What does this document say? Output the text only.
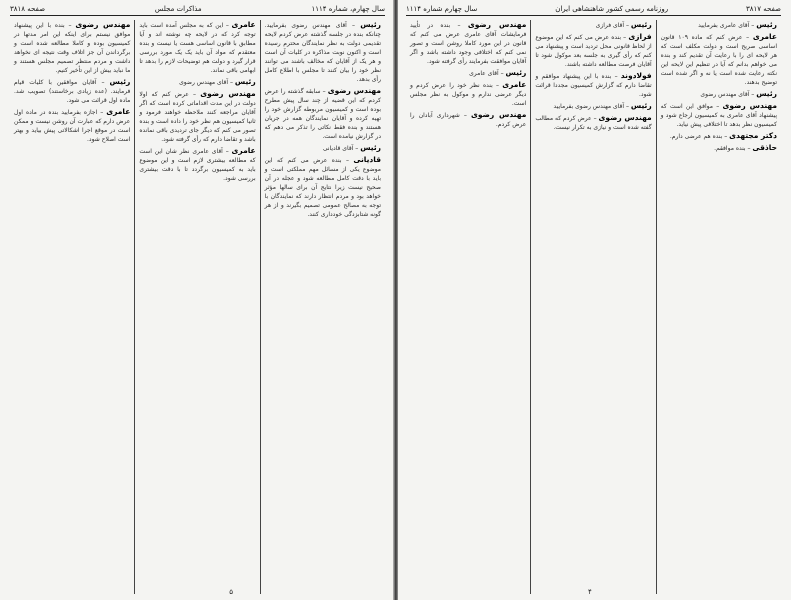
سال چهارم، شماره ۱۱۱۴
مذاکرات مجلس
صفحه ۳۸۱۸

رئیس – آقای مهندس رضوی بفرمایید. چنانکه بنده در جلسه گذشته عرض کردم لایحه تقدیمی دولت به نظر نمایندگان محترم رسیده است و اکنون نوبت مذاکره در کلیات آن است و هر یک از آقایان که مخالف باشند می توانند نظر خود را بیان کنند تا مجلس با اطلاع کامل رأی بدهد.

مهندس رضوی – سابقه گذشته را عرض کردم که این قضیه از چند سال پیش مطرح بوده است و کمیسیون مربوطه گزارش خود را تهیه کرده و آقایان نمایندگان همه در جریان هستند و بنده فقط نکاتی را تذکر می دهم که در گزارش نیامده است.

رئیس – آقای قادیانی

قادیانی – بنده عرض می کنم که این موضوع یکی از مسائل مهم مملکتی است و باید با دقت کامل مطالعه شود و عجله در آن صحیح نیست زیرا نتایج آن برای سالها مؤثر خواهد بود و مردم انتظار دارند که نمایندگان با توجه به مصالح عمومی تصمیم بگیرند و از هر گونه شتابزدگی خودداری کنند.

عامری – این که به مجلس آمده است باید توجه کرد که در لایحه چه نوشته اند و آیا مطابق با قانون اساسی هست یا نیست و بنده معتقدم که مواد آن باید یک یک مورد بررسی قرار گیرد و دولت هم توضیحات لازم را بدهد تا ابهامی باقی نماند.

رئیس – آقای مهندس رضوی

مهندس رضوی – عرض کنم که اولا دولت در این مدت اقداماتی کرده است که اگر آقایان مراجعه کنند ملاحظه خواهند فرمود و ثانیا کمیسیون هم نظر خود را داده است و بنده تصور می کنم که دیگر جای تردیدی باقی نمانده باشد و تقاضا دارم که رأی گرفته شود.

عامری – آقای عامری نظر شان این است که مطالعه بیشتری لازم است و این موضوع باید به کمیسیون برگردد تا با دقت بیشتری بررسی شود.

مهندس رضوی – بنده با این پیشنهاد موافق نیستم برای اینکه این امر مدتها در کمیسیون بوده و کاملا مطالعه شده است و برگرداندن آن جز اتلاف وقت نتیجه ای نخواهد داشت و مردم منتظر تصمیم مجلس هستند و ما نباید بیش از این تأخیر کنیم.

رئیس – آقایان موافقین با کلیات قیام فرمایند. (عده زیادی برخاستند) تصویب شد. ماده اول قرائت می شود.

عامری – اجازه بفرمایید بنده در ماده اول عرض دارم که عبارت آن روشن نیست و ممکن است در موقع اجرا اشکالاتی پیش بیاید و بهتر است اصلاح شود.

۵
صفحه ۳۸۱۷
روزنامه رسمی کشور شاهنشاهی ایران
سال چهارم شماره ۱۱۱۴

رئیس – آقای عامری بفرمایید

عامری – عرض کنم که ماده ۱۰۹ قانون اساسی صریح است و دولت مکلف است که هر لایحه ای را با رعایت آن تقدیم کند و بنده می خواهم بدانم که آیا در تنظیم این لایحه این نکته رعایت شده است یا نه و اگر شده است توضیح بدهند.

رئیس – آقای مهندس رضوی

مهندس رضوی – موافق این است که پیشنهاد آقای عامری به کمیسیون ارجاع شود و کمیسیون نظر بدهد تا اختلافی پیش نیاید.

دکتر مجتهدی – بنده هم عرضی دارم.

حاذقی – بنده موافقم.

رئیس – آقای فرازی

فرازی – بنده عرض می کنم که این موضوع از لحاظ قانونی محل تردید است و پیشنهاد می کنم که رأی گیری به جلسه بعد موکول شود تا آقایان فرصت مطالعه داشته باشند.

فولادوند – بنده با این پیشنهاد موافقم و تقاضا دارم که گزارش کمیسیون مجددا قرائت شود.

رئیس – آقای مهندس رضوی بفرمایید

مهندس رضوی – عرض کردم که مطالب گفته شده است و نیازی به تکرار نیست.

مهندس رضوی – بنده در تأیید فرمایشات آقای عامری عرض می کنم که قانون در این مورد کاملا روشن است و تصور نمی کنم که اختلافی وجود داشته باشد و اگر آقایان موافقت بفرمایند رأی گرفته شود.

رئیس – آقای عامری

عامری – بنده نظر خود را عرض کردم و دیگر عرضی ندارم و موکول به نظر مجلس است.

مهندس رضوی – شهرداری آبادان را عرض کردم.

۴
